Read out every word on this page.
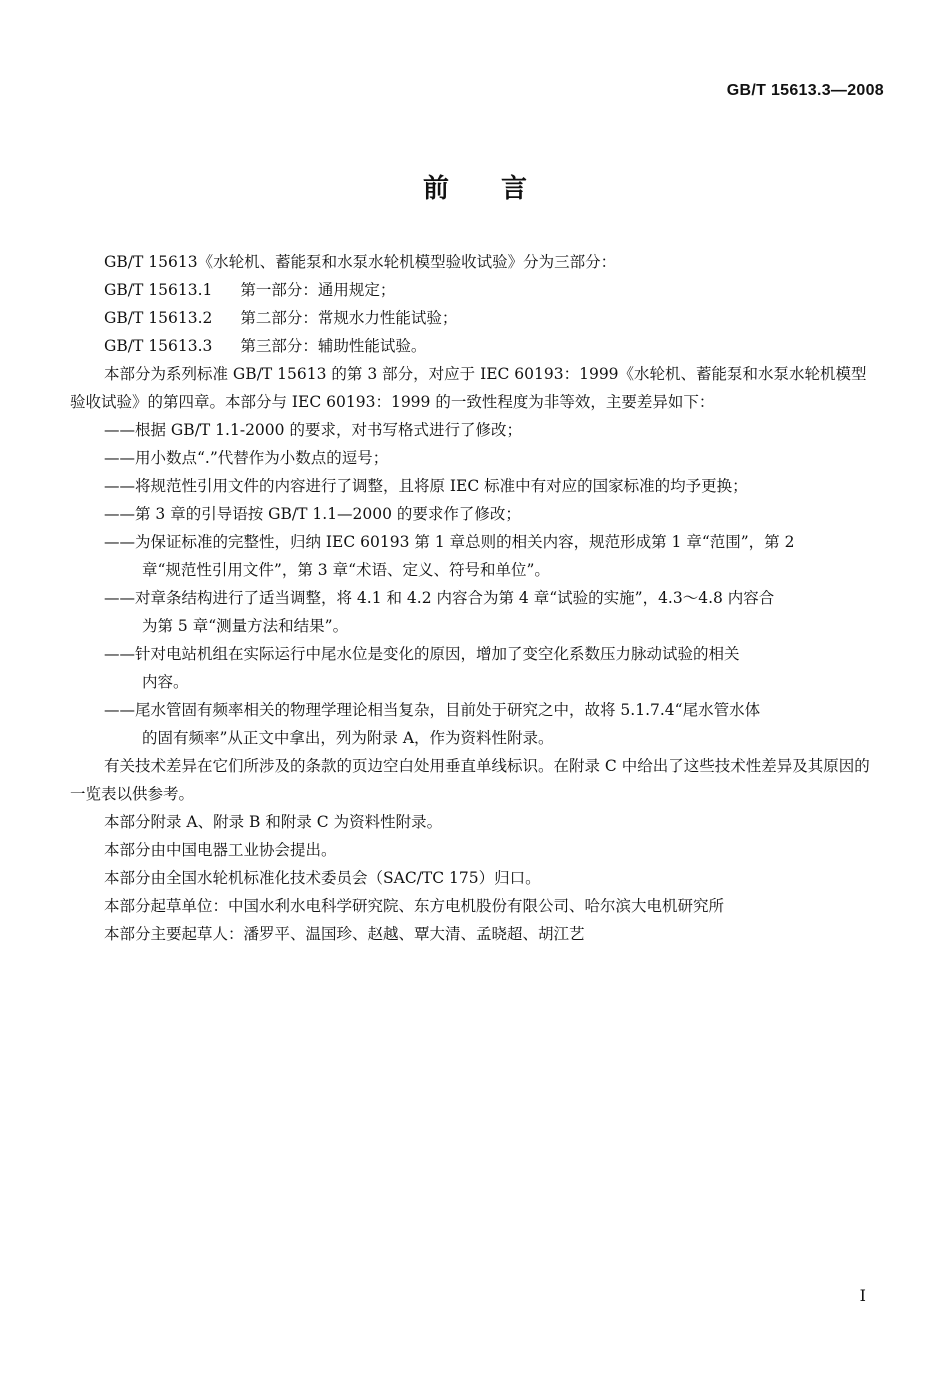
GB/T 15613.3—2008
前言

GB/T 15613《水轮机、蓄能泵和水泵水轮机模型验收试验》分为三部分：

GB/T 15613.1 第一部分：通用规定；
GB/T 15613.2 第二部分：常规水力性能试验；
GB/T 15613.3 第三部分：辅助性能试验。

本部分为系列标准 GB/T 15613 的第 3 部分，对应于 IEC 60193：1999《水轮机、蓄能泵和水泵水轮机模型验收试验》的第四章。本部分与 IEC 60193：1999 的一致性程度为非等效，主要差异如下：

——根据 GB/T 1.1-2000 的要求，对书写格式进行了修改；
——用小数点“.”代替作为小数点的逗号；
——将规范性引用文件的内容进行了调整，且将原 IEC 标准中有对应的国家标准的均予更换；
——第 3 章的引导语按 GB/T 1.1—2000 的要求作了修改；
——为保证标准的完整性，归纳 IEC 60193 第 1 章总则的相关内容，规范形成第 1 章“范围”，第 2
章“规范性引用文件”，第 3 章“术语、定义、符号和单位”。
——对章条结构进行了适当调整，将 4.1 和 4.2 内容合为第 4 章“试验的实施”，4.3～4.8 内容合
为第 5 章“测量方法和结果”。
——针对电站机组在实际运行中尾水位是变化的原因，增加了变空化系数压力脉动试验的相关
内容。
——尾水管固有频率相关的物理学理论相当复杂，目前处于研究之中，故将 5.1.7.4“尾水管水体
的固有频率”从正文中拿出，列为附录 A，作为资料性附录。

有关技术差异在它们所涉及的条款的页边空白处用垂直单线标识。在附录 C 中给出了这些技术性差异及其原因的一览表以供参考。

本部分附录 A、附录 B 和附录 C 为资料性附录。

本部分由中国电器工业协会提出。

本部分由全国水轮机标准化技术委员会（SAC/TC 175）归口。

本部分起草单位：中国水利水电科学研究院、东方电机股份有限公司、哈尔滨大电机研究所

本部分主要起草人：潘罗平、温国珍、赵越、覃大清、孟晓超、胡江艺

I
